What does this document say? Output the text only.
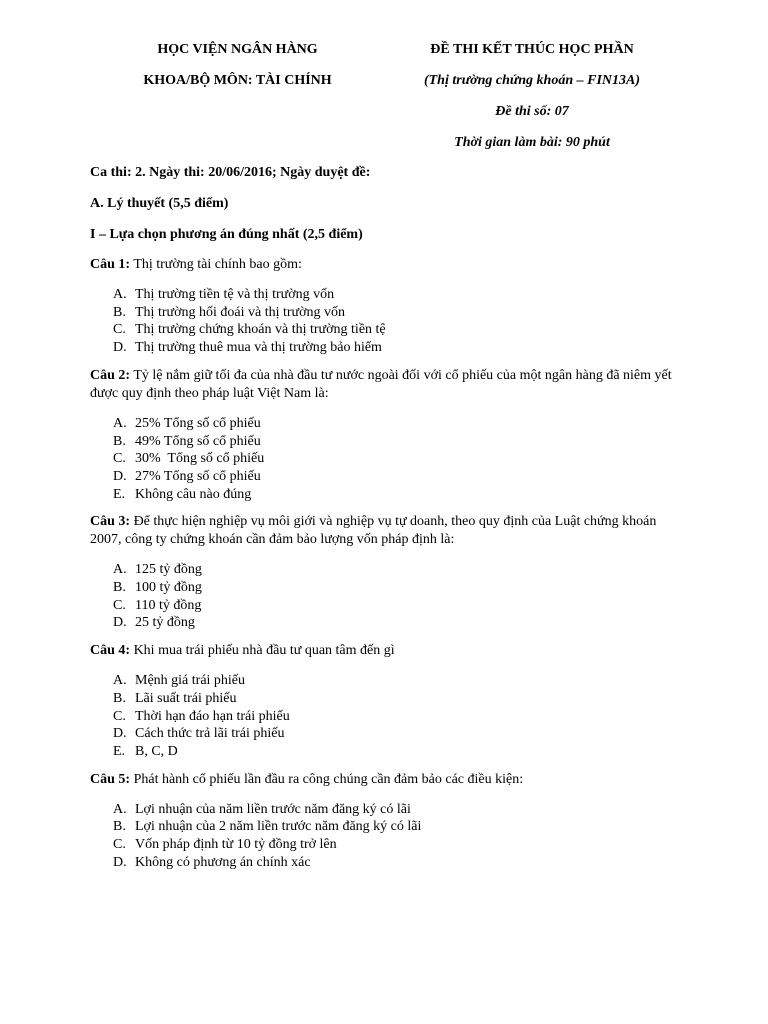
HỌC VIỆN NGÂN HÀNG
KHOA/BỘ MÔN: TÀI CHÍNH
ĐỀ THI KẾT THÚC HỌC PHẦN
(Thị trường chứng khoán – FIN13A)
Đề thi số: 07
Thời gian làm bài: 90 phút
Ca thi: 2. Ngày thi: 20/06/2016; Ngày duyệt đề:
A. Lý thuyết (5,5 điểm)
I – Lựa chọn phương án đúng nhất (2,5 điểm)
Câu 1: Thị trường tài chính bao gồm:
A. Thị trường tiền tệ và thị trường vốn
B. Thị trường hối đoái và thị trường vốn
C. Thị trường chứng khoán và thị trường tiền tệ
D. Thị trường thuê mua và thị trường bảo hiểm
Câu 2: Tỷ lệ nắm giữ tối đa của nhà đầu tư nước ngoài đối với cổ phiếu của một ngân hàng đã niêm yết được quy định theo pháp luật Việt Nam là:
A. 25% Tổng số cổ phiếu
B. 49% Tổng số cổ phiếu
C. 30%  Tổng số cổ phiếu
D. 27% Tổng số cổ phiếu
E. Không câu nào đúng
Câu 3: Để thực hiện nghiệp vụ môi giới và nghiệp vụ tự doanh, theo quy định của Luật chứng khoán 2007, công ty chứng khoán cần đảm bảo lượng vốn pháp định là:
A. 125 tỷ đồng
B. 100 tỷ đồng
C. 110 tỷ đồng
D. 25 tỷ đồng
Câu 4: Khi mua trái phiếu nhà đầu tư quan tâm đến gì
A. Mệnh giá trái phiếu
B. Lãi suất trái phiếu
C. Thời hạn đáo hạn trái phiếu
D. Cách thức trả lãi trái phiếu
E. B, C, D
Câu 5: Phát hành cổ phiếu lần đầu ra công chúng cần đảm bảo các điều kiện:
A. Lợi nhuận của năm liền trước năm đăng ký có lãi
B. Lợi nhuận của 2 năm liền trước năm đăng ký có lãi
C. Vốn pháp định từ 10 tỷ đồng trở lên
D. Không có phương án chính xác
